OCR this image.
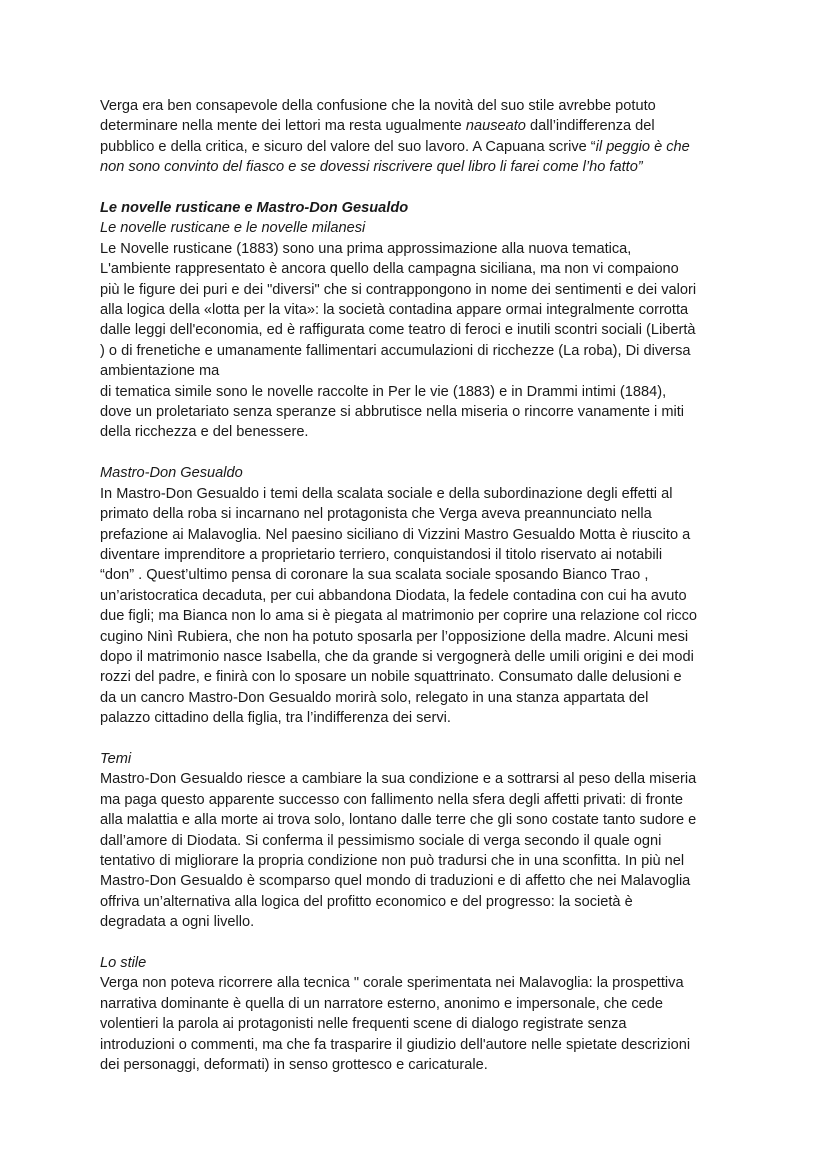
Verga era ben consapevole della confusione che la novità del suo stile avrebbe potuto
determinare nella mente dei lettori ma resta ugualmente nauseato dall’indifferenza del
pubblico e della critica, e sicuro del valore del suo lavoro. A Capuana scrive “il peggio è che
non sono convinto del fiasco e se dovessi riscrivere quel libro li farei come l’ho fatto”
Le novelle rusticane e Mastro-Don Gesualdo
Le novelle rusticane e le novelle milanesi
Le Novelle rusticane (1883) sono una prima approssimazione alla nuova tematica,
L'ambiente rappresentato è ancora quello della campagna siciliana, ma non vi compaiono
più le figure dei puri e dei "diversi" che si contrappongono in nome dei sentimenti e dei valori
alla logica della «lotta per la vita»: la società contadina appare ormai integralmente corrotta
dalle leggi dell'economia, ed è raffigurata come teatro di feroci e inutili scontri sociali (Libertà
) o di frenetiche e umanamente fallimentari accumulazioni di ricchezze (La roba), Di diversa
ambientazione ma
di tematica simile sono le novelle raccolte in Per le vie (1883) e in Drammi intimi (1884),
dove un proletariato senza speranze si abbrutisce nella miseria o rincorre vanamente i miti
della ricchezza e del benessere.
Mastro-Don Gesualdo
In Mastro-Don Gesualdo i temi della scalata sociale e della subordinazione degli effetti al
primato della roba si incarnano nel protagonista che Verga aveva preannunciato nella
prefazione ai Malavoglia. Nel paesino siciliano di Vizzini Mastro Gesualdo Motta è riuscito a
diventare imprenditore a proprietario terriero, conquistandosi il titolo riservato ai notabili
“don” . Quest’ultimo pensa di coronare la sua scalata sociale sposando Bianco Trao ,
un’aristocratica decaduta, per cui abbandona Diodata, la fedele contadina con cui ha avuto
due figli; ma Bianca non lo ama si è piegata al matrimonio per coprire una relazione col ricco
cugino Ninì Rubiera, che non ha potuto sposarla per l’opposizione della madre. Alcuni mesi
dopo il matrimonio nasce Isabella, che da grande si vergognerà delle umili origini e dei modi
rozzi del padre, e finirà con lo sposare un nobile squattrinato. Consumato dalle delusioni e
da un cancro Mastro-Don Gesualdo morirà solo, relegato in una stanza appartata del
palazzo cittadino della figlia, tra l’indifferenza dei servi.
Temi
Mastro-Don Gesualdo riesce a cambiare la sua condizione e a sottrarsi al peso della miseria
ma paga questo apparente successo con fallimento nella sfera degli affetti privati: di fronte
alla malattia e alla morte ai trova solo, lontano dalle terre che gli sono costate tanto sudore e
dall’amore di Diodata. Si conferma il pessimismo sociale di verga secondo il quale ogni
tentativo di migliorare la propria condizione non può tradursi che in una sconfitta. In più nel
Mastro-Don Gesualdo è scomparso quel mondo di traduzioni e di affetto che nei Malavoglia
offriva un’alternativa alla logica del profitto economico e del progresso: la società è
degradata a ogni livello.
Lo stile
Verga non poteva ricorrere alla tecnica " corale sperimentata nei Malavoglia: la prospettiva
narrativa dominante è quella di un narratore esterno, anonimo e impersonale, che cede
volentieri la parola ai protagonisti nelle frequenti scene di dialogo registrate senza
introduzioni o commenti, ma che fa trasparire il giudizio dell'autore nelle spietate descrizioni
dei personaggi, deformati) in senso grottesco e caricaturale.
